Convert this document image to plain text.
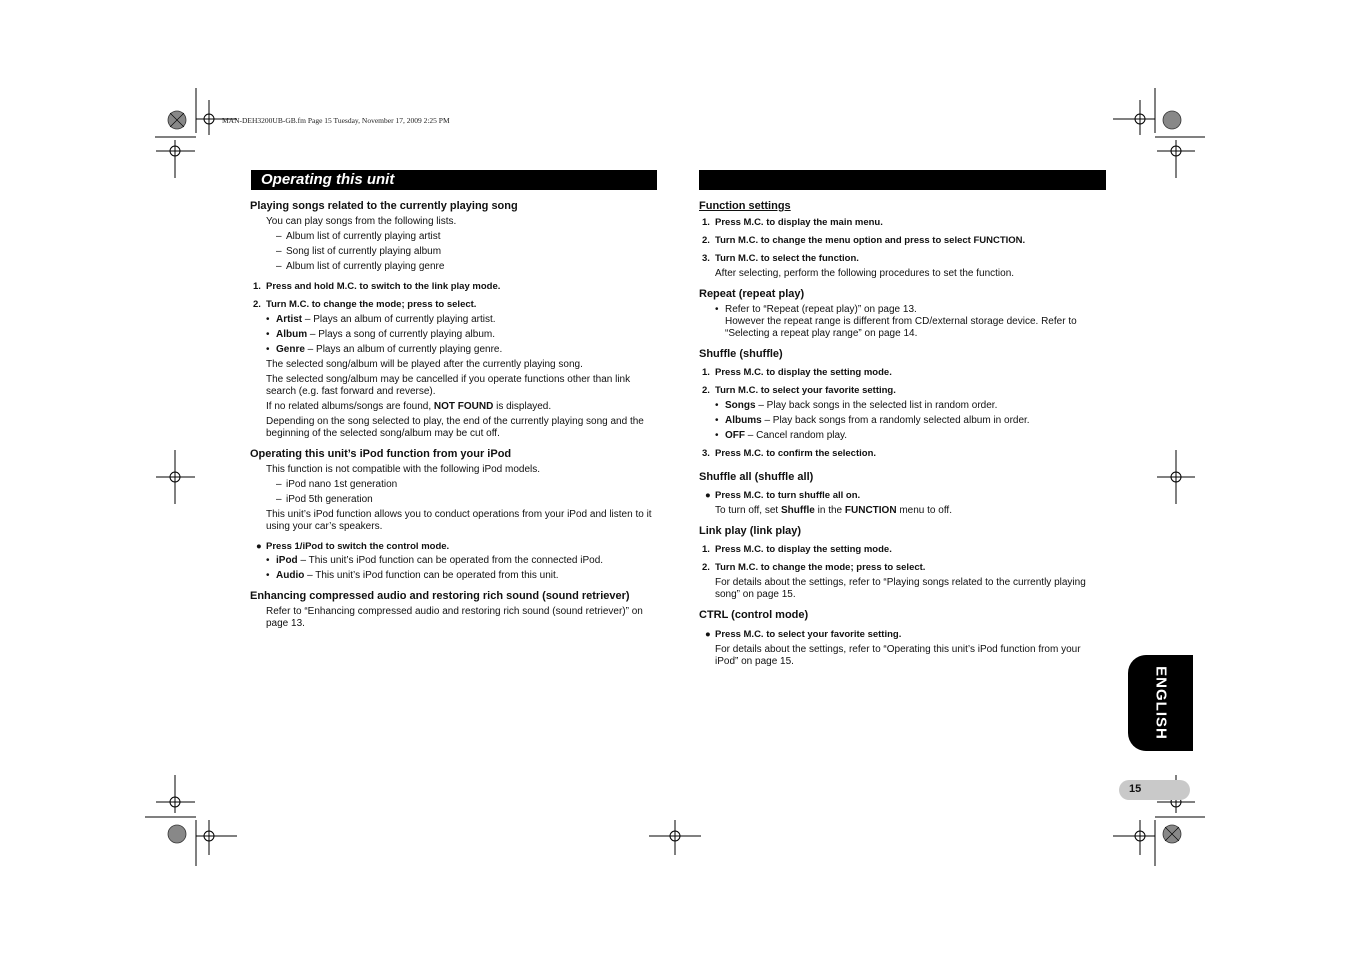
MAN-DEH3200UB-GB.fm Page 15 Tuesday, November 17, 2009 2:25 PM
Operating this unit
Playing songs related to the currently playing song

You can play songs from the following lists.

– Album list of currently playing artist
– Song list of currently playing album
– Album list of currently playing genre
1. Press and hold M.C. to switch to the link play mode.
2. Turn M.C. to change the mode; press to select.
• Artist – Plays an album of currently playing artist.
• Album – Plays a song of currently playing album.
• Genre – Plays an album of currently playing genre.

The selected song/album will be played after the currently playing song.

The selected song/album may be cancelled if you operate functions other than link search (e.g. fast forward and reverse).

If no related albums/songs are found, NOT FOUND is displayed.

Depending on the song selected to play, the end of the currently playing song and the beginning of the selected song/album may be cut off.

Operating this unit’s iPod function from your iPod

This function is not compatible with the following iPod models.

– iPod nano 1st generation
– iPod 5th generation

This unit’s iPod function allows you to conduct operations from your iPod and listen to it using your car’s speakers.

● Press 1/iPod to switch the control mode.
• iPod – This unit’s iPod function can be operated from the connected iPod.
• Audio – This unit’s iPod function can be operated from this unit.
Enhancing compressed audio and restoring rich sound (sound retriever)

Refer to “Enhancing compressed audio and restoring rich sound (sound retriever)” on page 13.

Function settings
1. Press M.C. to display the main menu.
2. Turn M.C. to change the menu option and press to select FUNCTION.
3. Turn M.C. to select the function.

After selecting, perform the following procedures to set the function.

Repeat (repeat play)
• Refer to “Repeat (repeat play)” on page 13.
However the repeat range is different from CD/external storage device. Refer to “Selecting a repeat play range” on page 14.
Shuffle (shuffle)
1. Press M.C. to display the setting mode.
2. Turn M.C. to select your favorite setting.
• Songs – Play back songs in the selected list in random order.
• Albums – Play back songs from a randomly selected album in order.
• OFF – Cancel random play.
3. Press M.C. to confirm the selection.
Shuffle all (shuffle all)
● Press M.C. to turn shuffle all on.

To turn off, set Shuffle in the FUNCTION menu to off.

Link play (link play)
1. Press M.C. to display the setting mode.
2. Turn M.C. to change the mode; press to select.

For details about the settings, refer to “Playing songs related to the currently playing song” on page 15.

CTRL (control mode)
● Press M.C. to select your favorite setting.

For details about the settings, refer to “Operating this unit’s iPod function from your iPod” on page 15.

ENGLISH
15
